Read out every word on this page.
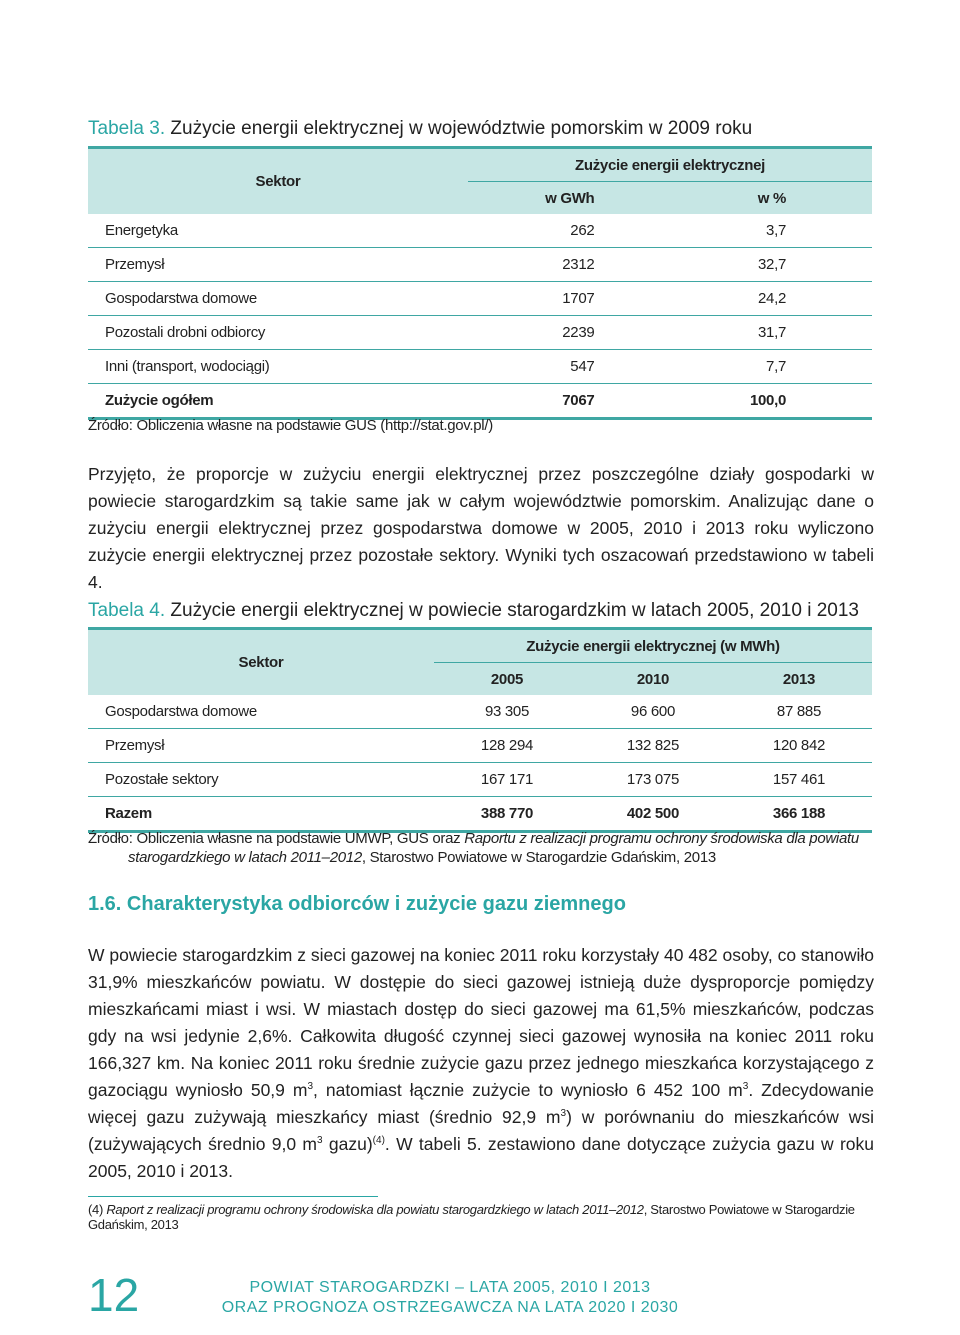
Tabela 3. Zużycie energii elektrycznej w województwie pomorskim w 2009 roku
Sektor	Zużycie energii elektrycznej	
	w GWh	w %
Energetyka	262	3,7
Przemysł	2312	32,7
Gospodarstwa domowe	1707	24,2
Pozostali drobni odbiorcy	2239	31,7
Inni (transport, wodociągi)	547	7,7
Zużycie ogółem	7067	100,0
Źródło: Obliczenia własne na podstawie GUS (http://stat.gov.pl/)

Przyjęto, że proporcje w zużyciu energii elektrycznej przez poszczególne działy gospodarki w powiecie starogardzkim są takie same jak w całym województwie pomorskim. Analizując dane o zużyciu energii elektrycznej przez gospodarstwa domowe w 2005, 2010 i 2013 roku wyliczono zużycie energii elektrycznej przez pozostałe sektory. Wyniki tych oszacowań przedstawiono w tabeli 4.

Tabela 4. Zużycie energii elektrycznej w powiecie starogardzkim w latach 2005, 2010 i 2013
Sektor	Zużycie energii elektrycznej (w MWh)		
	2005	2010	2013
Gospodarstwa domowe	93 305	96 600	87 885
Przemysł	128 294	132 825	120 842
Pozostałe sektory	167 171	173 075	157 461
Razem	388 770	402 500	366 188
Źródło: Obliczenia własne na podstawie UMWP, GUS oraz Raportu z realizacji programu ochrony środowiska dla powiatu starogardzkiego w latach 2011–2012, Starostwo Powiatowe w Starogardzie Gdańskim, 2013
1.6. Charakterystyka odbiorców i zużycie gazu ziemnego

W powiecie starogardzkim z sieci gazowej na koniec 2011 roku korzystały 40 482 osoby, co stanowiło 31,9% mieszkańców powiatu. W dostępie do sieci gazowej istnieją duże dysproporcje pomiędzy mieszkańcami miast i wsi. W miastach dostęp do sieci gazowej ma 61,5% mieszkańców, podczas gdy na wsi jedynie 2,6%. Całkowita długość czynnej sieci gazowej wynosiła na koniec 2011 roku 166,327 km. Na koniec 2011 roku średnie zużycie gazu przez jednego mieszkańca korzystającego z gazociągu wyniosło 50,9 $m^3$, natomiast łącznie zużycie to wyniosło 6 452 100 $m^3$. Zdecydowanie więcej gazu zużywają mieszkańcy miast (średnio 92,9 $m^3$) w porównaniu do mieszkańców wsi (zużywających średnio 9,0 $m^3$ gazu)$^{(4)}$. W tabeli 5. zestawiono dane dotyczące zużycia gazu w roku 2005, 2010 i 2013.

(4) Raport z realizacji programu ochrony środowiska dla powiatu starogardzkiego w latach 2011–2012, Starostwo Powiatowe w Starogardzie Gdańskim, 2013
12	POWIAT STAROGARDZKI – LATA 2005, 2010 I 2013
ORAZ PROGNOZA OSTRZEGAWCZA NA LATA 2020 I 2030
